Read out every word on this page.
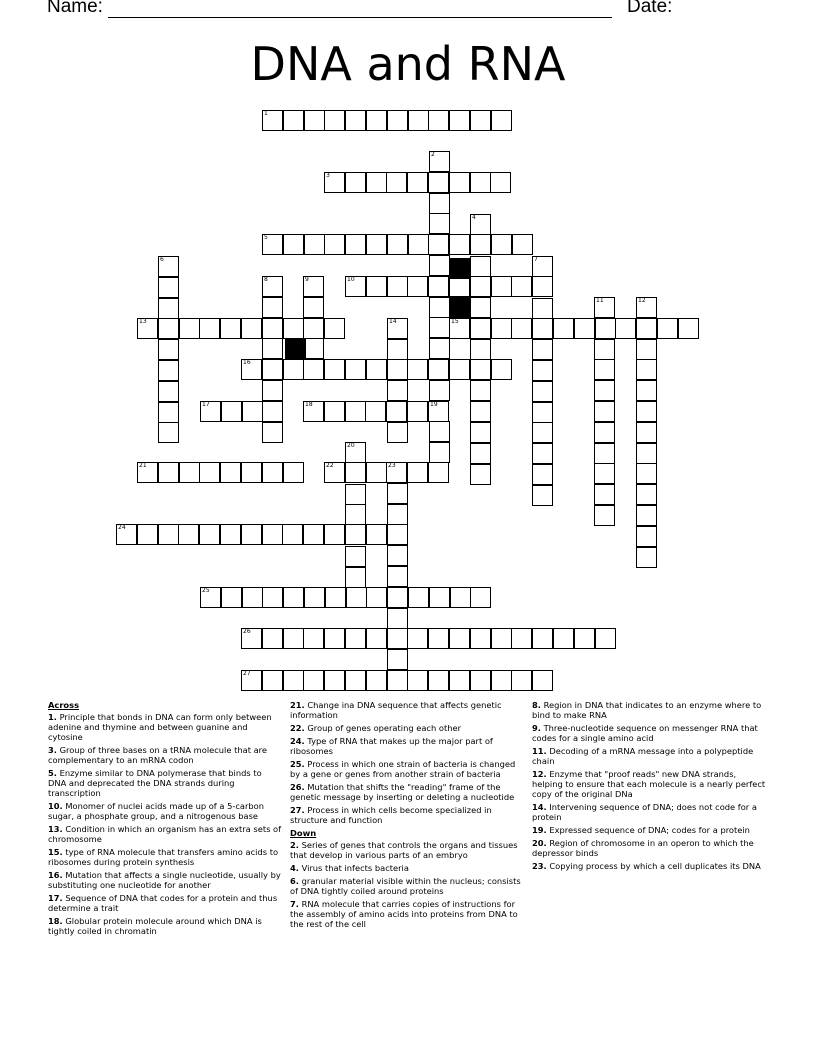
Name:	Date:
DNA and RNA
1
3
5
10
13	15
16
17	18	19
21	22	23
24
25
26
27
2
4
6	7
8	9
11	12
14
20
Across
1. Principle that bonds in DNA can form only between adenine and thymine and between guanine and cytosine
3. Group of three bases on a tRNA molecule that are complementary to an mRNA codon
5. Enzyme similar to DNA polymerase that binds to DNA and deprecated the DNA strands during transcription
10. Monomer of nuclei acids made up of a 5-carbon sugar, a phosphate group, and a nitrogenous base
13. Condition in which an organism has an extra sets of chromosome
15. type of RNA molecule that transfers amino acids to ribosomes during protein synthesis
16. Mutation that affects a single nucleotide, usually by substituting one nucleotide for another
17. Sequence of DNA that codes for a protein and thus determine a trait
18. Globular protein molecule around which DNA is tightly coiled in chromatin
21. Change ina DNA sequence that affects genetic information
22. Group of genes operating each other
24. Type of RNA that makes up the major part of ribosomes
25. Process in which one strain of bacteria is changed by a gene or genes from another strain of bacteria
26. Mutation that shifts the "reading" frame of the genetic message by inserting or deleting a nucleotide
27. Process in which cells become specialized in structure and function
Down
2. Series of genes that controls the organs and tissues that develop in various parts of an embryo
4. Virus that infects bacteria
6. granular material visible within the nucleus; consists of DNA tightly coiled around proteins
7. RNA molecule that carries copies of instructions for the assembly of amino acids into proteins from DNA to the rest of the cell
8. Region in DNA that indicates to an enzyme where to bind to make RNA
9. Three-nucleotide sequence on messenger RNA that codes for a single amino acid
11. Decoding of a mRNA message into a polypeptide chain
12. Enzyme that "proof reads" new DNA strands, helping to ensure that each molecule is a nearly perfect copy of the original DNa
14. Intervening sequence of DNA; does not code for a protein
19. Expressed sequence of DNA; codes for a protein
20. Region of chromosome in an operon to which the depressor binds
23. Copying process by which a cell duplicates its DNA
